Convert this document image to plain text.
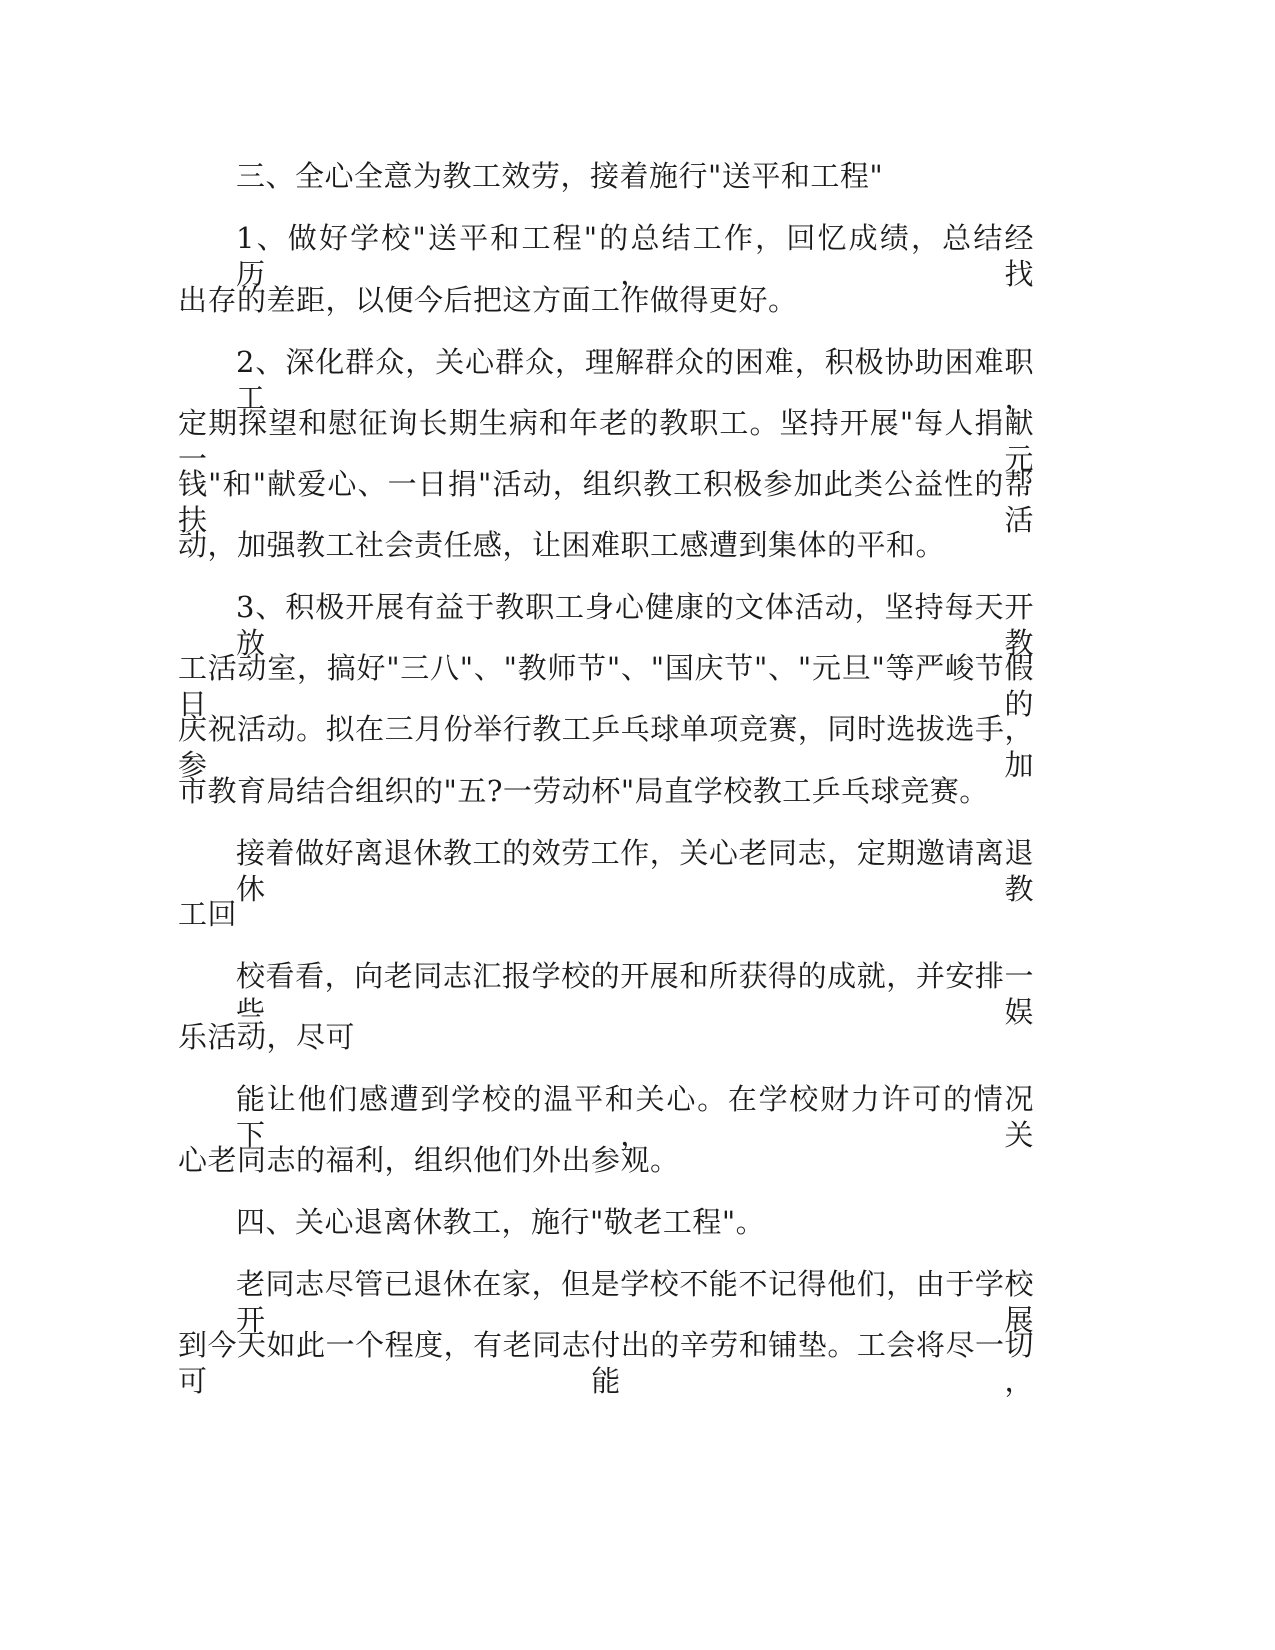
三、全心全意为教工效劳，接着施行"送平和工程"
1、做好学校"送平和工程"的总结工作，回忆成绩，总结经历，找
出存的差距，以便今后把这方面工作做得更好。
2、深化群众，关心群众，理解群众的困难，积极协助困难职工，
定期探望和慰征询长期生病和年老的教职工。坚持开展"每人捐献一元
钱"和"献爱心、一日捐"活动，组织教工积极参加此类公益性的帮扶活
动，加强教工社会责任感，让困难职工感遭到集体的平和。
3、积极开展有益于教职工身心健康的文体活动，坚持每天开放教
工活动室，搞好"三八"、"教师节"、"国庆节"、"元旦"等严峻节假日的
庆祝活动。拟在三月份举行教工乒乓球单项竞赛，同时选拔选手，参加
市教育局结合组织的"五?一劳动杯"局直学校教工乒乓球竞赛。
接着做好离退休教工的效劳工作，关心老同志，定期邀请离退休教
工回
校看看，向老同志汇报学校的开展和所获得的成就，并安排一些娱
乐活动，尽可
能让他们感遭到学校的温平和关心。在学校财力许可的情况下，关
心老同志的福利，组织他们外出参观。
四、关心退离休教工，施行"敬老工程"。
老同志尽管已退休在家，但是学校不能不记得他们，由于学校开展
到今天如此一个程度，有老同志付出的辛劳和铺垫。工会将尽一切可能，
